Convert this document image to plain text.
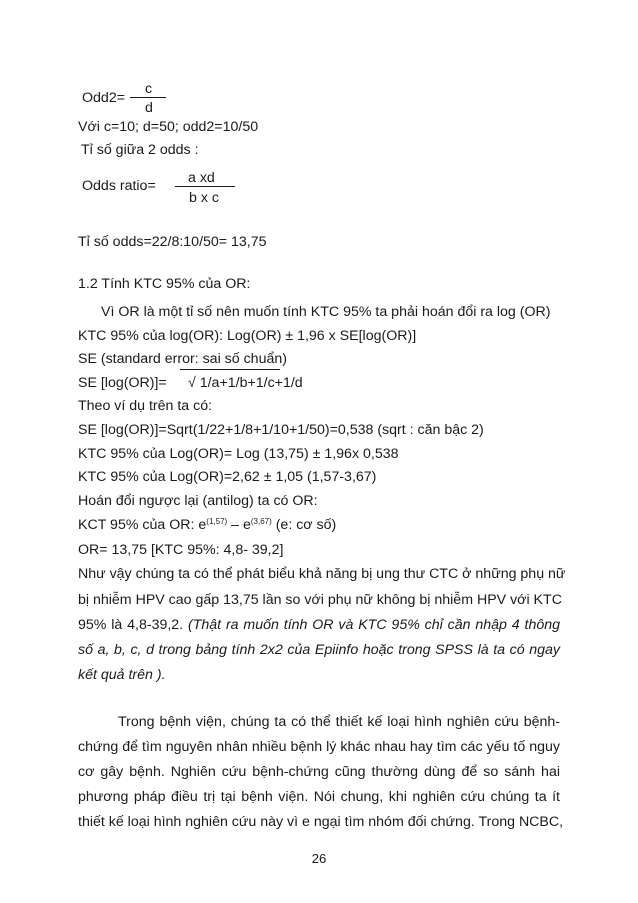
Odd2=
c
d
Với c=10; d=50; odd2=10/50
Tỉ số giữa 2 odds :
Odds ratio= a xd
b x c
Tỉ số odds=22/8:10/50= 13,75
1.2 Tính KTC 95% của OR:
Vì OR là một tỉ số nên muốn tính KTC 95% ta phải hoán đổi ra log (OR)
KTC 95% của log(OR): Log(OR) ± 1,96 x SE[log(OR)]
SE (standard error: sai số chuẩn)
SE [log(OR)]= √ 1/a+1/b+1/c+1/d
Theo ví dụ trên ta có:
SE [log(OR)]=Sqrt(1/22+1/8+1/10+1/50)=0,538 (sqrt : căn bậc 2)
KTC 95% của Log(OR)= Log (13,75) ± 1,96x 0,538
KTC 95% của Log(OR)=2,62 ± 1,05 (1,57-3,67)
Hoán đổi ngược lại (antilog) ta có OR:
KCT 95% của OR: $e^{(1,57)} - e^{(3,67)}$ (e: cơ số)
OR= 13,75 [KTC 95%: 4,8- 39,2]
Như vậy chúng ta có thể phát biểu khả năng bị ung thư CTC ở những phụ nữ
bị nhiễm HPV cao gấp 13,75 lần so với phụ nữ không bị nhiễm HPV với KTC
95% là 4,8-39,2. (Thật ra muốn tính OR và KTC 95% chỉ cần nhập 4 thông
số a, b, c, d trong bảng tính 2x2 của Epiinfo hoặc trong SPSS là ta có ngay
kết quả trên ).
Trong bệnh viện, chúng ta có thể thiết kế loại hình nghiên cứu bệnh-
chứng để tìm nguyên nhân nhiều bệnh lý khác nhau hay tìm các yếu tố nguy
cơ gây bệnh. Nghiên cứu bệnh-chứng cũng thường dùng để so sánh hai
phương pháp điều trị tại bệnh viện. Nói chung, khi nghiên cứu chúng ta ít
thiết kế loại hình nghiên cứu này vì e ngại tìm nhóm đối chứng. Trong NCBC,
26
